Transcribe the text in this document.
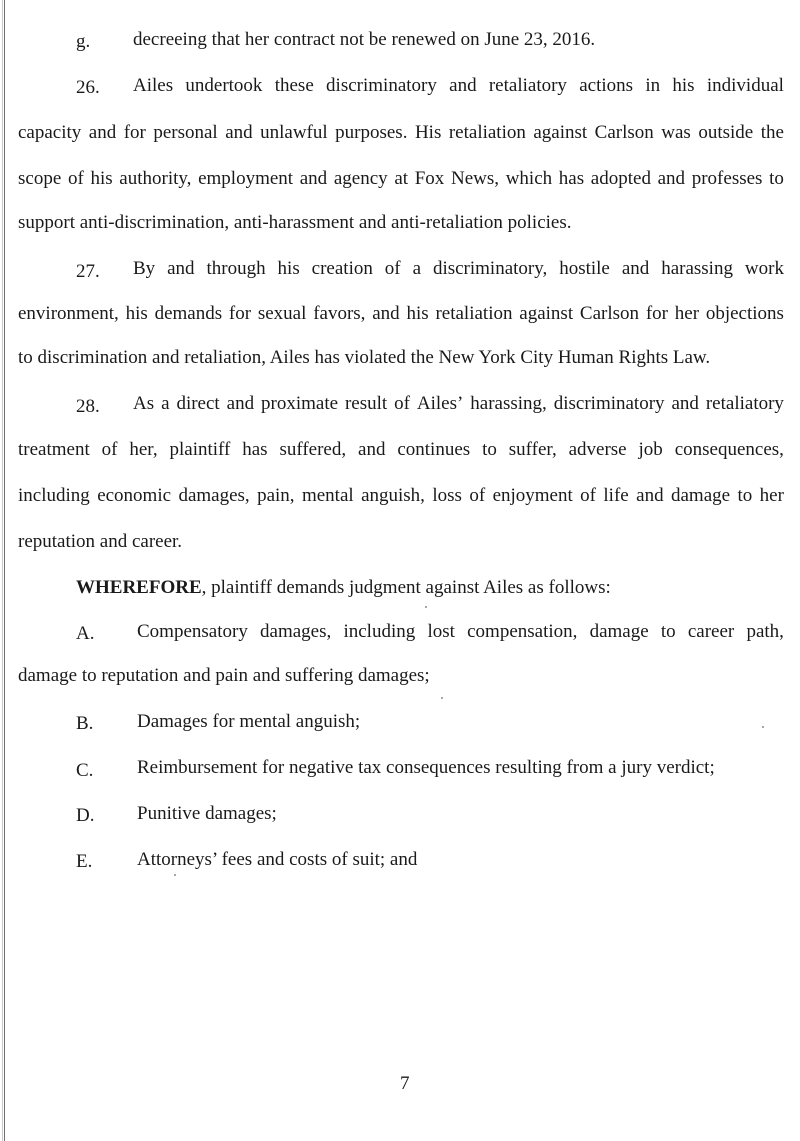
g. decreeing that her contract not be renewed on June 23, 2016.
26. Ailes undertook these discriminatory and retaliatory actions in his individual
capacity and for personal and unlawful purposes. His retaliation against Carlson was outside the
scope of his authority, employment and agency at Fox News, which has adopted and professes to
support anti-discrimination, anti-harassment and anti-retaliation policies.
27. By and through his creation of a discriminatory, hostile and harassing work
environment, his demands for sexual favors, and his retaliation against Carlson for her objections
to discrimination and retaliation, Ailes has violated the New York City Human Rights Law.
28. As a direct and proximate result of Ailes’ harassing, discriminatory and retaliatory
treatment of her, plaintiff has suffered, and continues to suffer, adverse job consequences,
including economic damages, pain, mental anguish, loss of enjoyment of life and damage to her
reputation and career.
WHEREFORE, plaintiff demands judgment against Ailes as follows:
A. Compensatory damages, including lost compensation, damage to career path,
damage to reputation and pain and suffering damages;
B. Damages for mental anguish;
C. Reimbursement for negative tax consequences resulting from a jury verdict;
D. Punitive damages;
E. Attorneys’ fees and costs of suit; and
7
